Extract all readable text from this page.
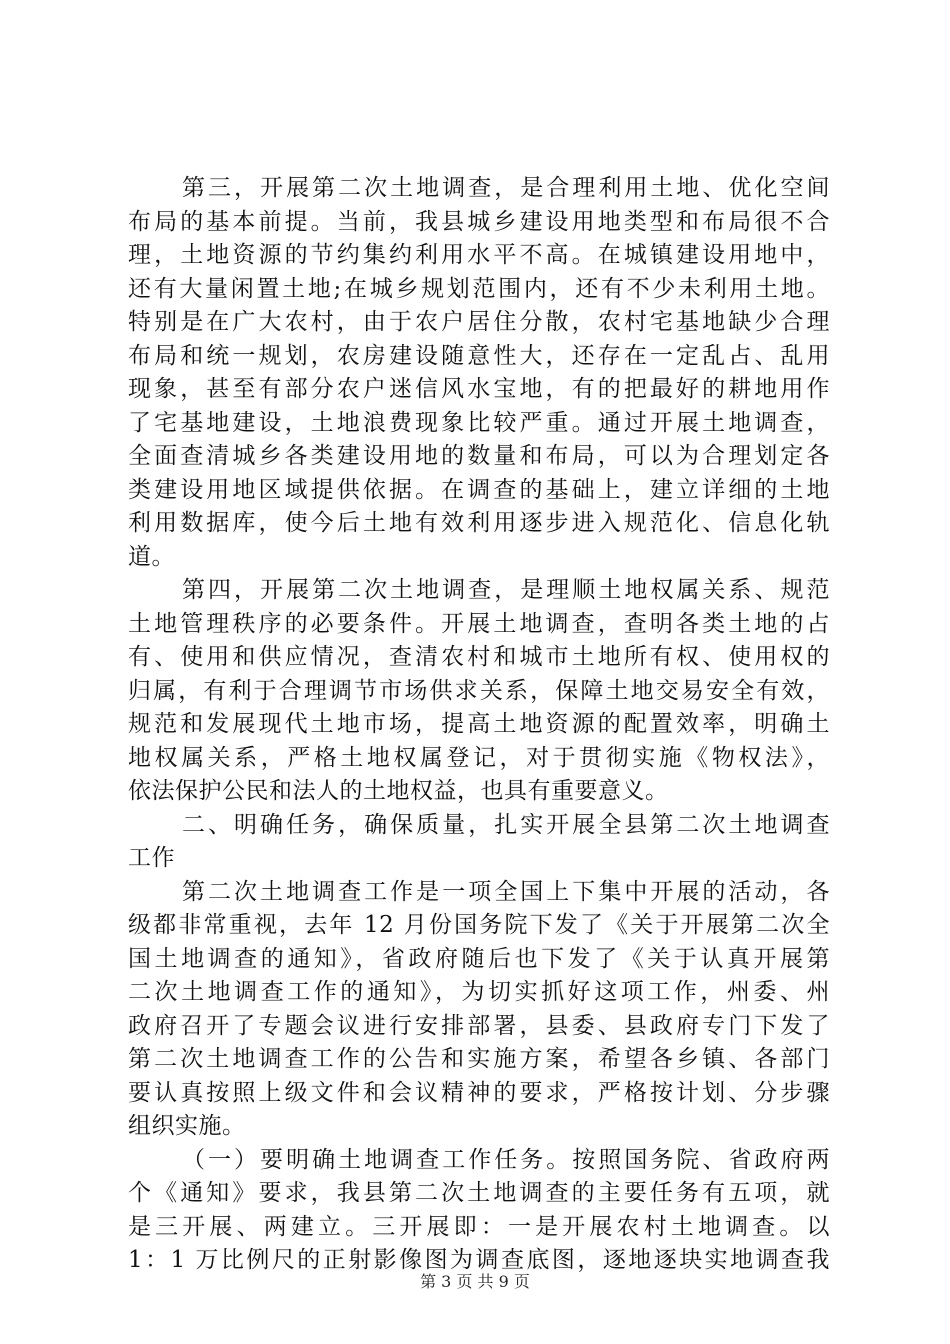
第三，开展第二次土地调查，是合理利用土地、优化空间
布局的基本前提。当前，我县城乡建设用地类型和布局很不合
理，土地资源的节约集约利用水平不高。在城镇建设用地中，
还有大量闲置土地;在城乡规划范围内，还有不少未利用土地。
特别是在广大农村，由于农户居住分散，农村宅基地缺少合理
布局和统一规划，农房建设随意性大，还存在一定乱占、乱用
现象，甚至有部分农户迷信风水宝地，有的把最好的耕地用作
了宅基地建设，土地浪费现象比较严重。通过开展土地调查，
全面查清城乡各类建设用地的数量和布局，可以为合理划定各
类建设用地区域提供依据。在调查的基础上，建立详细的土地
利用数据库，使今后土地有效利用逐步进入规范化、信息化轨
道。
第四，开展第二次土地调查，是理顺土地权属关系、规范
土地管理秩序的必要条件。开展土地调查，查明各类土地的占
有、使用和供应情况，查清农村和城市土地所有权、使用权的
归属，有利于合理调节市场供求关系，保障土地交易安全有效，
规范和发展现代土地市场，提高土地资源的配置效率，明确土
地权属关系，严格土地权属登记，对于贯彻实施《物权法》，
依法保护公民和法人的土地权益，也具有重要意义。
二、明确任务，确保质量，扎实开展全县第二次土地调查
工作
第二次土地调查工作是一项全国上下集中开展的活动，各
级都非常重视，去年 12 月份国务院下发了《关于开展第二次全
国土地调查的通知》，省政府随后也下发了《关于认真开展第
二次土地调查工作的通知》，为切实抓好这项工作，州委、州
政府召开了专题会议进行安排部署，县委、县政府专门下发了
第二次土地调查工作的公告和实施方案，希望各乡镇、各部门
要认真按照上级文件和会议精神的要求，严格按计划、分步骤
组织实施。
（一）要明确土地调查工作任务。按照国务院、省政府两
个《通知》要求，我县第二次土地调查的主要任务有五项，就
是三开展、两建立。三开展即：一是开展农村土地调查。以
1：1 万比例尺的正射影像图为调查底图，逐地逐块实地调查我
第 3 页 共 9 页
